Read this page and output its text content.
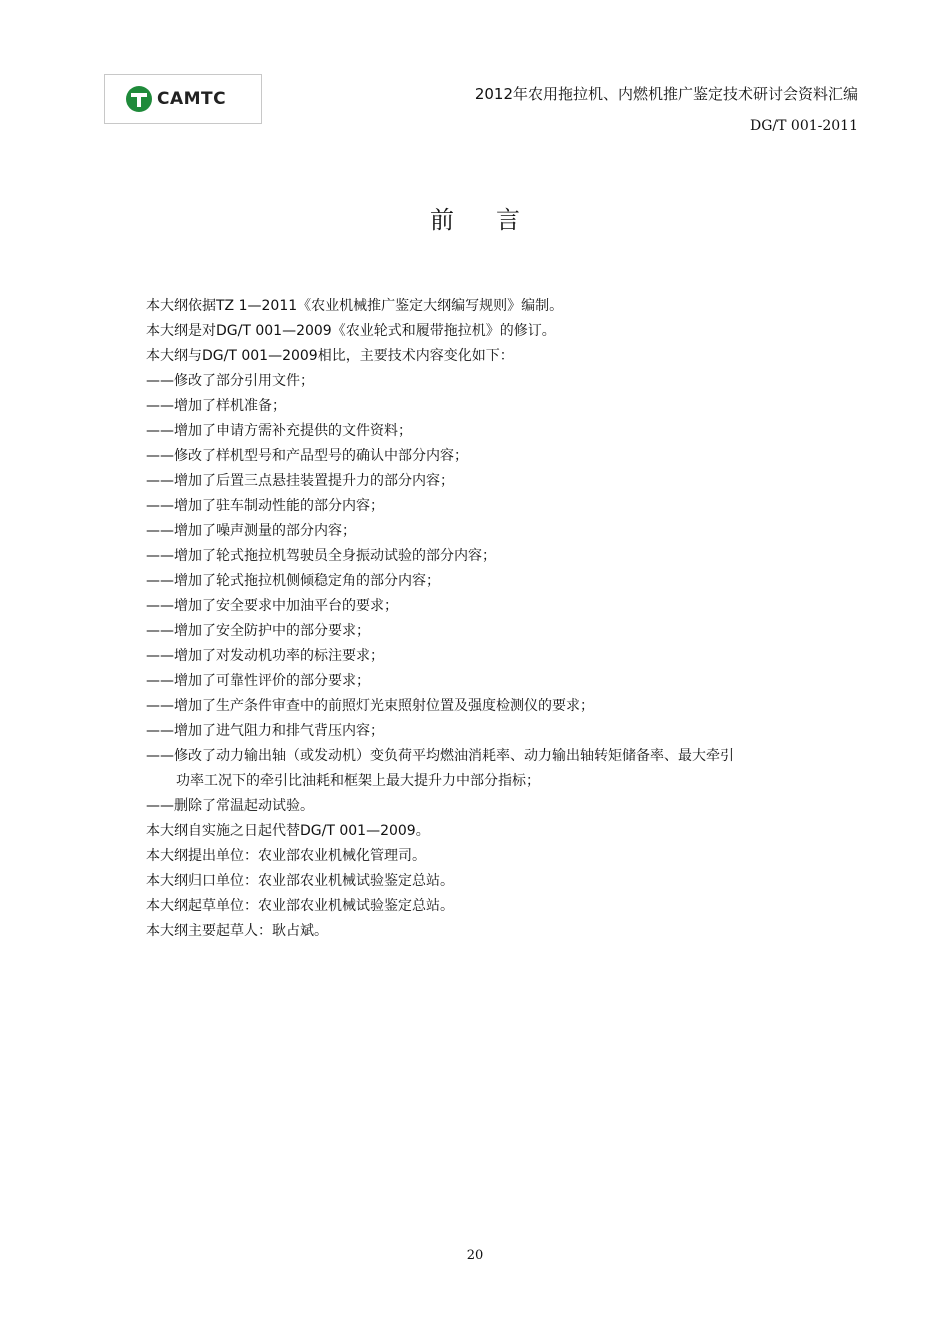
CAMTC	2012年农用拖拉机、内燃机推广鉴定技术研讨会资料汇编
DG/T 001-2011
前言
本大纲依据TZ 1—2011《农业机械推广鉴定大纲编写规则》编制。
本大纲是对DG/T 001—2009《农业轮式和履带拖拉机》的修订。
本大纲与DG/T 001—2009相比，主要技术内容变化如下：
——修改了部分引用文件；
——增加了样机准备；
——增加了申请方需补充提供的文件资料；
——修改了样机型号和产品型号的确认中部分内容；
——增加了后置三点悬挂装置提升力的部分内容；
——增加了驻车制动性能的部分内容；
——增加了噪声测量的部分内容；
——增加了轮式拖拉机驾驶员全身振动试验的部分内容；
——增加了轮式拖拉机侧倾稳定角的部分内容；
——增加了安全要求中加油平台的要求；
——增加了安全防护中的部分要求；
——增加了对发动机功率的标注要求；
——增加了可靠性评价的部分要求；
——增加了生产条件审查中的前照灯光束照射位置及强度检测仪的要求；
——增加了进气阻力和排气背压内容；
——修改了动力输出轴（或发动机）变负荷平均燃油消耗率、动力输出轴转矩储备率、最大牵引
功率工况下的牵引比油耗和框架上最大提升力中部分指标；
——删除了常温起动试验。
本大纲自实施之日起代替DG/T 001—2009。
本大纲提出单位：农业部农业机械化管理司。
本大纲归口单位：农业部农业机械试验鉴定总站。
本大纲起草单位：农业部农业机械试验鉴定总站。
本大纲主要起草人：耿占斌。
20
